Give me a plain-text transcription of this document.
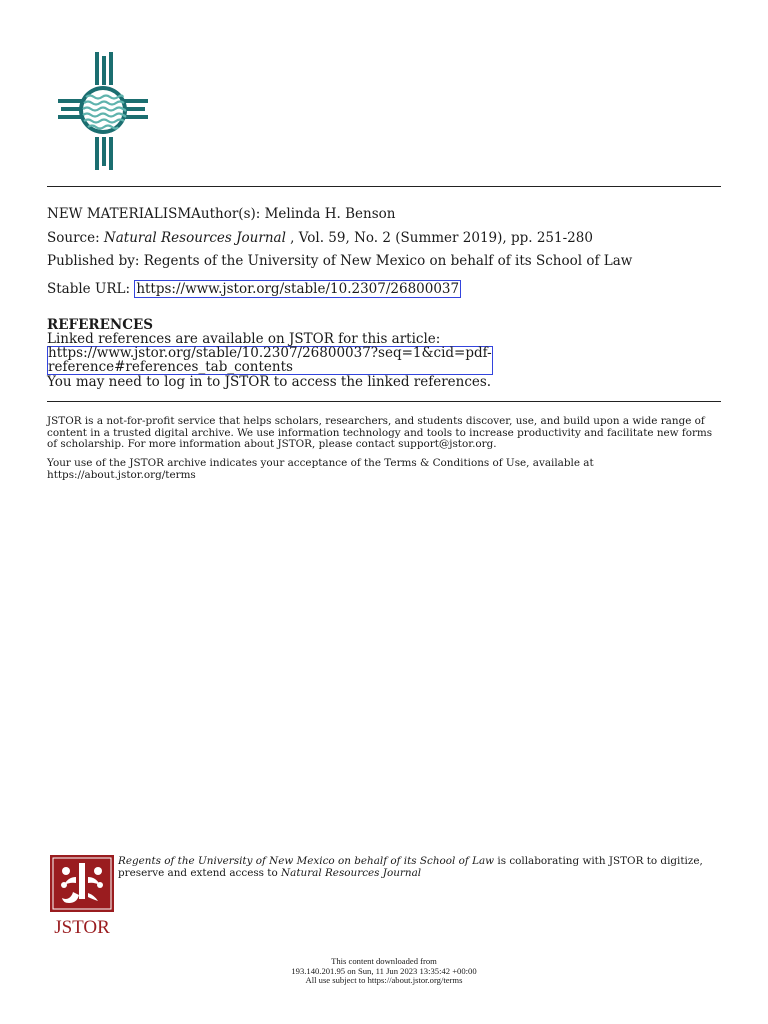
NEW MATERIALISMAuthor(s): Melinda H. Benson
Source: Natural Resources Journal , Vol. 59, No. 2 (Summer 2019), pp. 251-280
Published by: Regents of the University of New Mexico on behalf of its School of Law
Stable URL: https://www.jstor.org/stable/10.2307/26800037
REFERENCES
Linked references are available on JSTOR for this article:
https://www.jstor.org/stable/10.2307/26800037?seq=1&cid=pdf-
reference#references_tab_contents
You may need to log in to JSTOR to access the linked references.
JSTOR is a not-for-profit service that helps scholars, researchers, and students discover, use, and build upon a wide range of content in a trusted digital archive. We use information technology and tools to increase productivity and facilitate new forms of scholarship. For more information about JSTOR, please contact support@jstor.org.
Your use of the JSTOR archive indicates your acceptance of the Terms & Conditions of Use, available at https://about.jstor.org/terms
JSTOR
Regents of the University of New Mexico on behalf of its School of Law is collaborating with JSTOR to digitize, preserve and extend access to Natural Resources Journal
This content downloaded from
193.140.201.95 on Sun, 11 Jun 2023 13:35:42 +00:00
All use subject to https://about.jstor.org/terms
